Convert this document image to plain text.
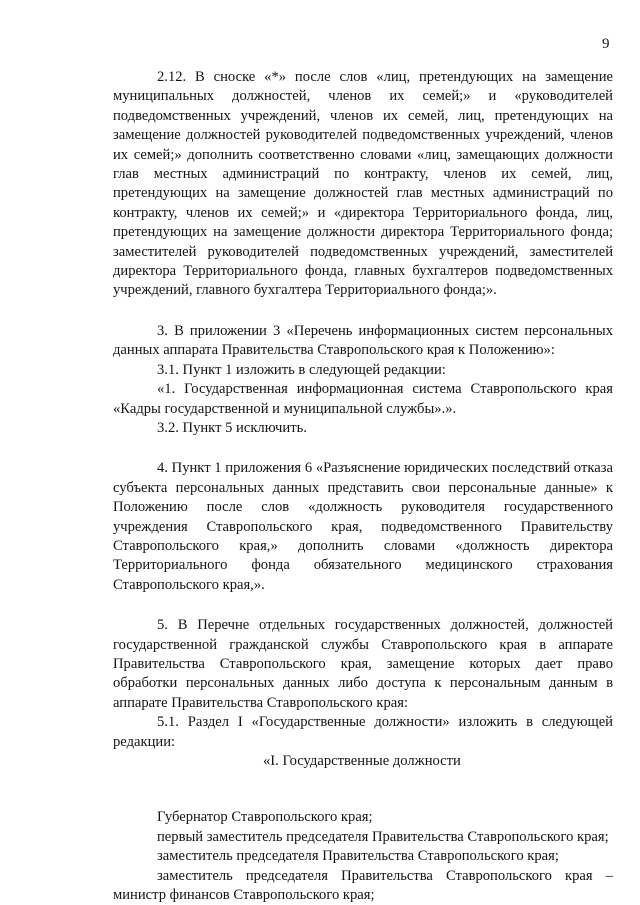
9

2.12. В сноске «*» после слов «лиц, претендующих на замещение муниципальных должностей, членов их семей;» и «руководителей подведомственных учреждений, членов их семей, лиц, претендующих на замещение должностей руководителей подведомственных учреждений, членов их семей;» дополнить соответственно словами «лиц, замещающих должности глав местных администраций по контракту, членов их семей, лиц, претендующих на замещение должностей глав местных администраций по контракту, членов их семей;» и «директора Территориального фонда, лиц, претендующих на замещение должности директора Территориального фонда; заместителей руководителей подведомственных учреждений, заместителей директора Территориального фонда, главных бухгалтеров подведомственных учреждений, главного бухгалтера Территориального фонда;».

3. В приложении 3 «Перечень информационных систем персональных данных аппарата Правительства Ставропольского края к Положению»:

3.1. Пункт 1 изложить в следующей редакции:

«1. Государственная информационная система Ставропольского края «Кадры государственной и муниципальной службы».».

3.2. Пункт 5 исключить.

4. Пункт 1 приложения 6 «Разъяснение юридических последствий отказа субъекта персональных данных представить свои персональные данные» к Положению после слов «должность руководителя государственного учреждения Ставропольского края, подведомственного Правительству Ставропольского края,» дополнить словами «должность директора Территориального фонда обязательного медицинского страхования Ставропольского края,».

5. В Перечне отдельных государственных должностей, должностей государственной гражданской службы Ставропольского края в аппарате Правительства Ставропольского края, замещение которых дает право обработки персональных данных либо доступа к персональным данным в аппарате Правительства Ставропольского края:

5.1. Раздел I «Государственные должности» изложить в следующей редакции:

«I. Государственные должности

Губернатор Ставропольского края;

первый заместитель председателя Правительства Ставропольского края;

заместитель председателя Правительства Ставропольского края;

заместитель председателя Правительства Ставропольского края – министр финансов Ставропольского края;
